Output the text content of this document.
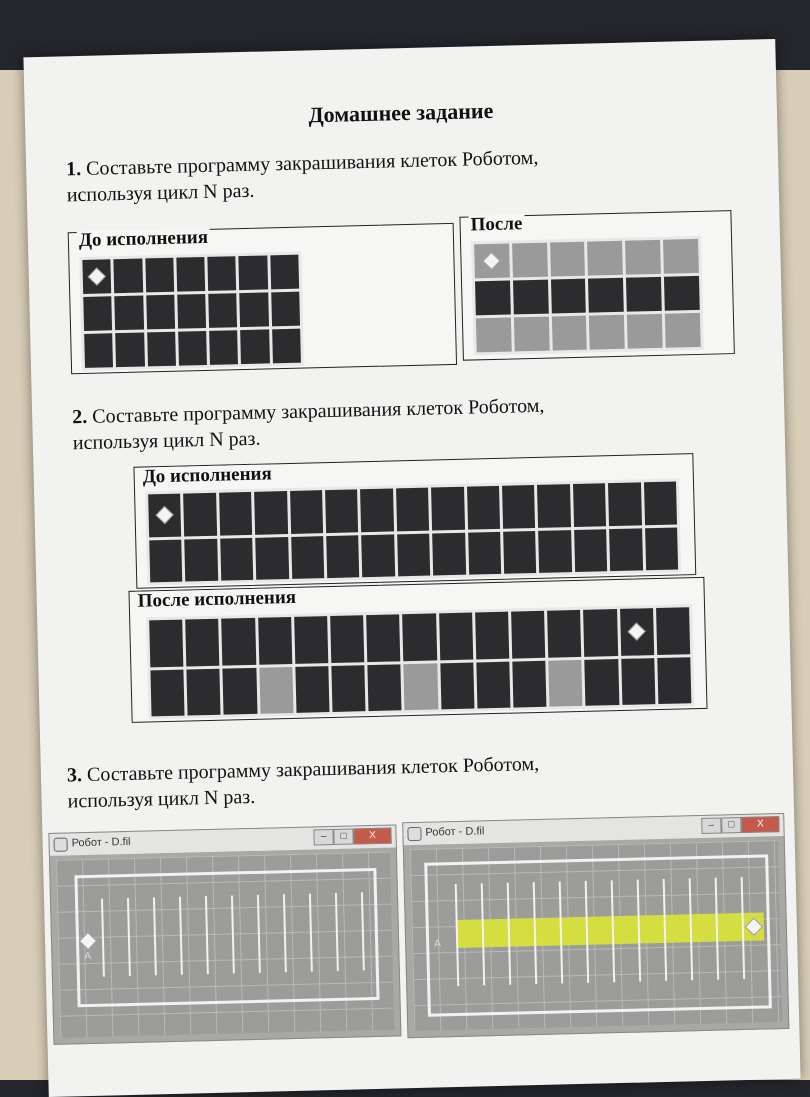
Домашнее задание
1. Составьте программу закрашивания клеток Роботом,
используя цикл N раз.
До исполнения
После
2. Составьте программу закрашивания клеток Роботом,
используя цикл N раз.
До исполнения
После исполнения
3. Составьте программу закрашивания клеток Роботом,
используя цикл N раз.
Робот - D.fil	–	□	X
A
Робот - D.fil
–	□	X
A
